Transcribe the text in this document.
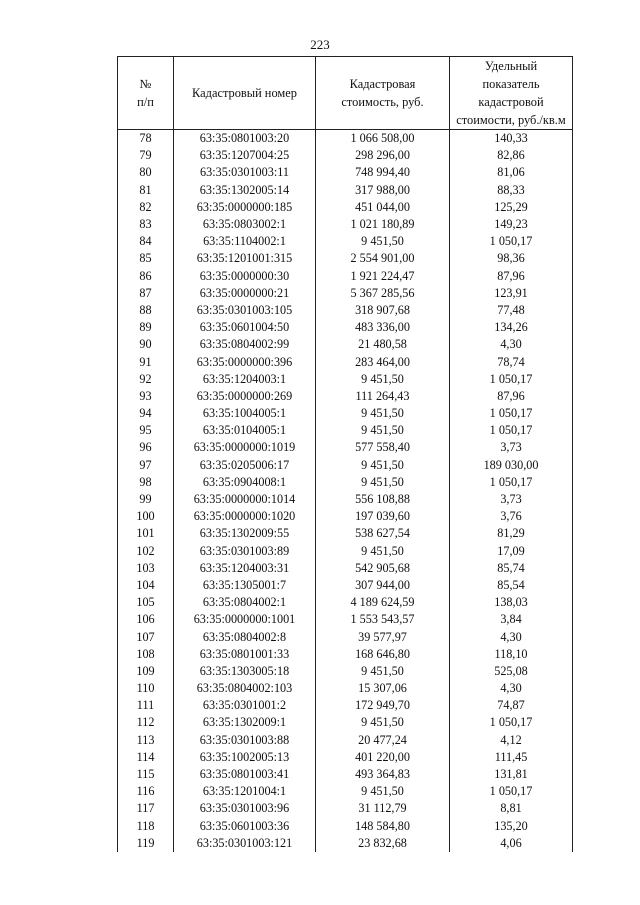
223
№
п/п	Кадастровый номер	Кадастровая стоимость, руб.	Удельный показатель кадастровой стоимости, руб./кв.м
78	63:35:0801003:20	1 066 508,00	140,33
79	63:35:1207004:25	298 296,00	82,86
80	63:35:0301003:11	748 994,40	81,06
81	63:35:1302005:14	317 988,00	88,33
82	63:35:0000000:185	451 044,00	125,29
83	63:35:0803002:1	1 021 180,89	149,23
84	63:35:1104002:1	9 451,50	1 050,17
85	63:35:1201001:315	2 554 901,00	98,36
86	63:35:0000000:30	1 921 224,47	87,96
87	63:35:0000000:21	5 367 285,56	123,91
88	63:35:0301003:105	318 907,68	77,48
89	63:35:0601004:50	483 336,00	134,26
90	63:35:0804002:99	21 480,58	4,30
91	63:35:0000000:396	283 464,00	78,74
92	63:35:1204003:1	9 451,50	1 050,17
93	63:35:0000000:269	111 264,43	87,96
94	63:35:1004005:1	9 451,50	1 050,17
95	63:35:0104005:1	9 451,50	1 050,17
96	63:35:0000000:1019	577 558,40	3,73
97	63:35:0205006:17	9 451,50	189 030,00
98	63:35:0904008:1	9 451,50	1 050,17
99	63:35:0000000:1014	556 108,88	3,73
100	63:35:0000000:1020	197 039,60	3,76
101	63:35:1302009:55	538 627,54	81,29
102	63:35:0301003:89	9 451,50	17,09
103	63:35:1204003:31	542 905,68	85,74
104	63:35:1305001:7	307 944,00	85,54
105	63:35:0804002:1	4 189 624,59	138,03
106	63:35:0000000:1001	1 553 543,57	3,84
107	63:35:0804002:8	39 577,97	4,30
108	63:35:0801001:33	168 646,80	118,10
109	63:35:1303005:18	9 451,50	525,08
110	63:35:0804002:103	15 307,06	4,30
111	63:35:0301001:2	172 949,70	74,87
112	63:35:1302009:1	9 451,50	1 050,17
113	63:35:0301003:88	20 477,24	4,12
114	63:35:1002005:13	401 220,00	111,45
115	63:35:0801003:41	493 364,83	131,81
116	63:35:1201004:1	9 451,50	1 050,17
117	63:35:0301003:96	31 112,79	8,81
118	63:35:0601003:36	148 584,80	135,20
119	63:35:0301003:121	23 832,68	4,06
